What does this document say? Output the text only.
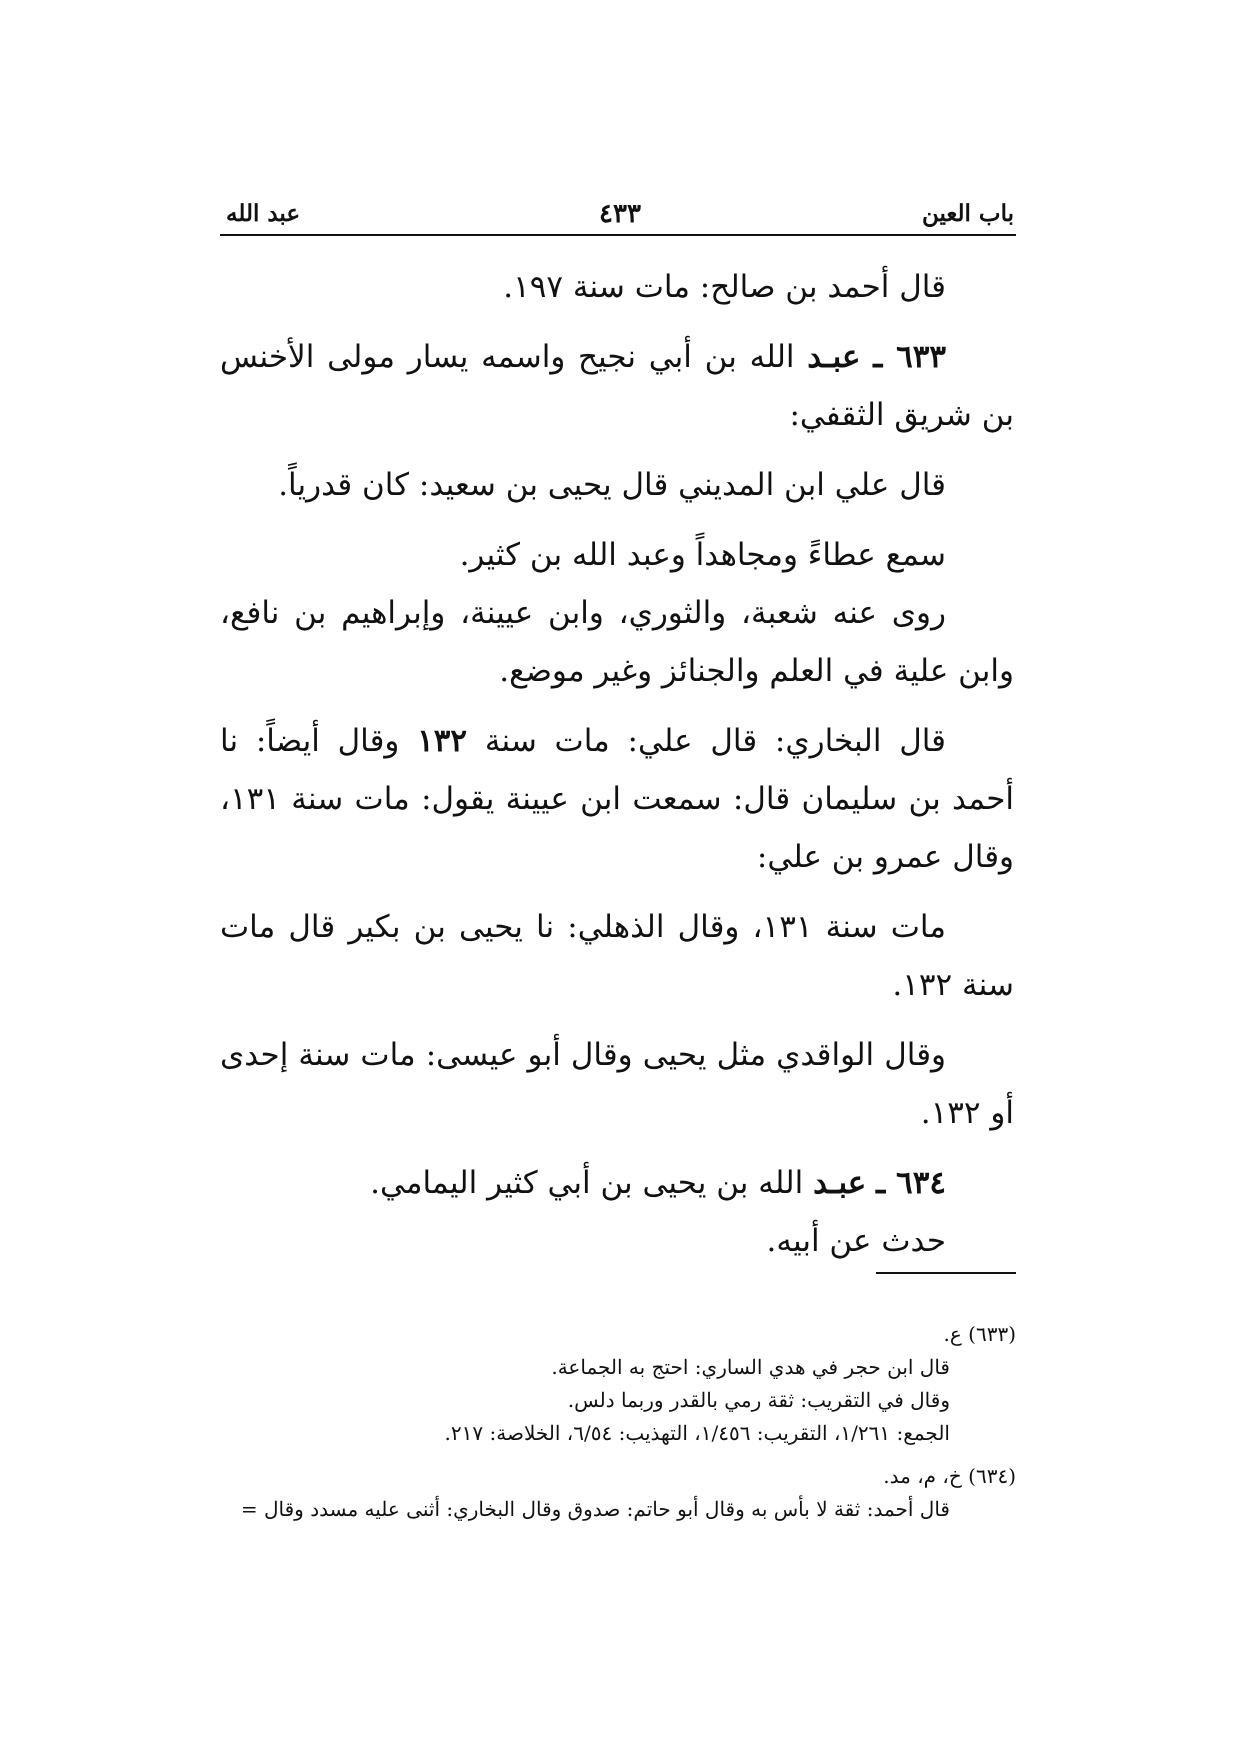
باب العين
٤٣٣
عبد الله

قال أحمد بن صالح: مات سنة ١٩٧.

٦٣٣ ـ عبـد الله بن أبي نجيح واسمه يسار مولى الأخنس بن شريق الثقفي:

قال علي ابن المديني قال يحيى بن سعيد: كان قدرياً.

سمع عطاءً ومجاهداً وعبد الله بن كثير.

روى عنه شعبة، والثوري، وابن عيينة، وإبراهيم بن نافع، وابن علية في العلم والجنائز وغير موضع.

قال البخاري: قال علي: مات سنة ١٣٢ وقال أيضاً: نا أحمد بن سليمان قال: سمعت ابن عيينة يقول: مات سنة ١٣١، وقال عمرو بن علي:

مات سنة ١٣١، وقال الذهلي: نا يحيى بن بكير قال مات سنة ١٣٢.

وقال الواقدي مثل يحيى وقال أبو عيسى: مات سنة إحدى أو ١٣٢.

٦٣٤ ـ عبـد الله بن يحيى بن أبي كثير اليمامي.

حدث عن أبيه.

(٦٣٣) ع.

قال ابن حجر في هدي الساري: احتج به الجماعة.

وقال في التقريب: ثقة رمي بالقدر وربما دلس.

الجمع: ١/٢٦١، التقريب: ١/٤٥٦، التهذيب: ٦/٥٤، الخلاصة: ٢١٧.

(٦٣٤) خ، م، مد.

قال أحمد: ثقة لا بأس به وقال أبو حاتم: صدوق وقال البخاري: أثنى عليه مسدد وقال =
